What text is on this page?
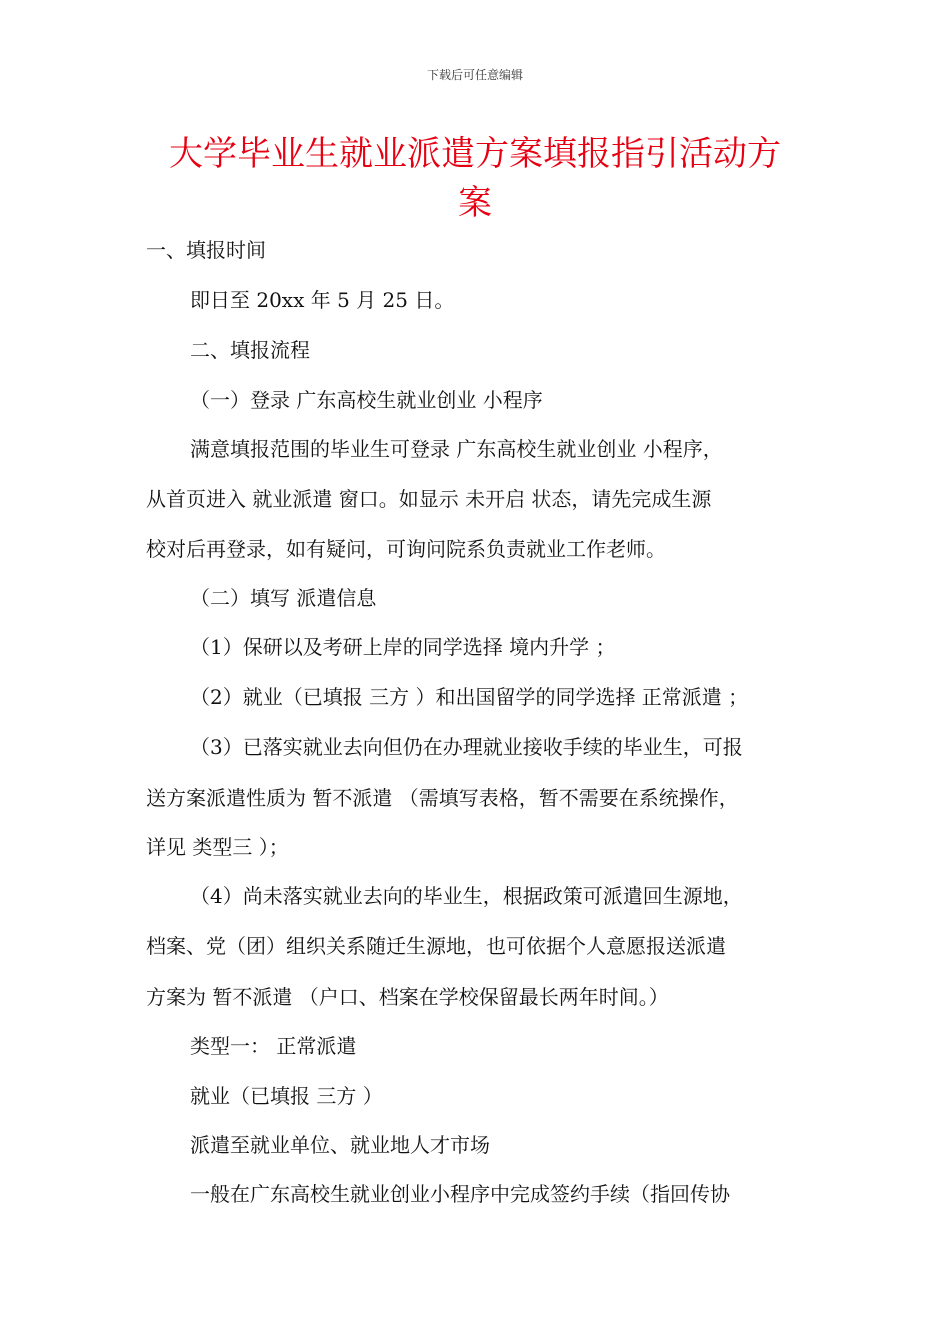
下载后可任意编辑
大学毕业生就业派遣方案填报指引活动方
案
一、填报时间
即日至 20xx 年 5 月 25 日。
二、填报流程
（一）登录 广东高校生就业创业 小程序
满意填报范围的毕业生可登录 广东高校生就业创业 小程序，
从首页进入 就业派遣 窗口。如显示 未开启 状态，请先完成生源
校对后再登录，如有疑问，可询问院系负责就业工作老师。
（二）填写 派遣信息
（1）保研以及考研上岸的同学选择 境内升学 ；
（2）就业（已填报 三方 ）和出国留学的同学选择 正常派遣 ；
（3）已落实就业去向但仍在办理就业接收手续的毕业生，可报
送方案派遣性质为 暂不派遣 （需填写表格，暂不需要在系统操作，
详见 类型三 ）；
（4）尚未落实就业去向的毕业生，根据政策可派遣回生源地，
档案、党（团）组织关系随迁生源地，也可依据个人意愿报送派遣
方案为 暂不派遣 （户口、档案在学校保留最长两年时间。）
类型一： 正常派遣
就业（已填报 三方 ）
派遣至就业单位、就业地人才市场
一般在广东高校生就业创业小程序中完成签约手续（指回传协
